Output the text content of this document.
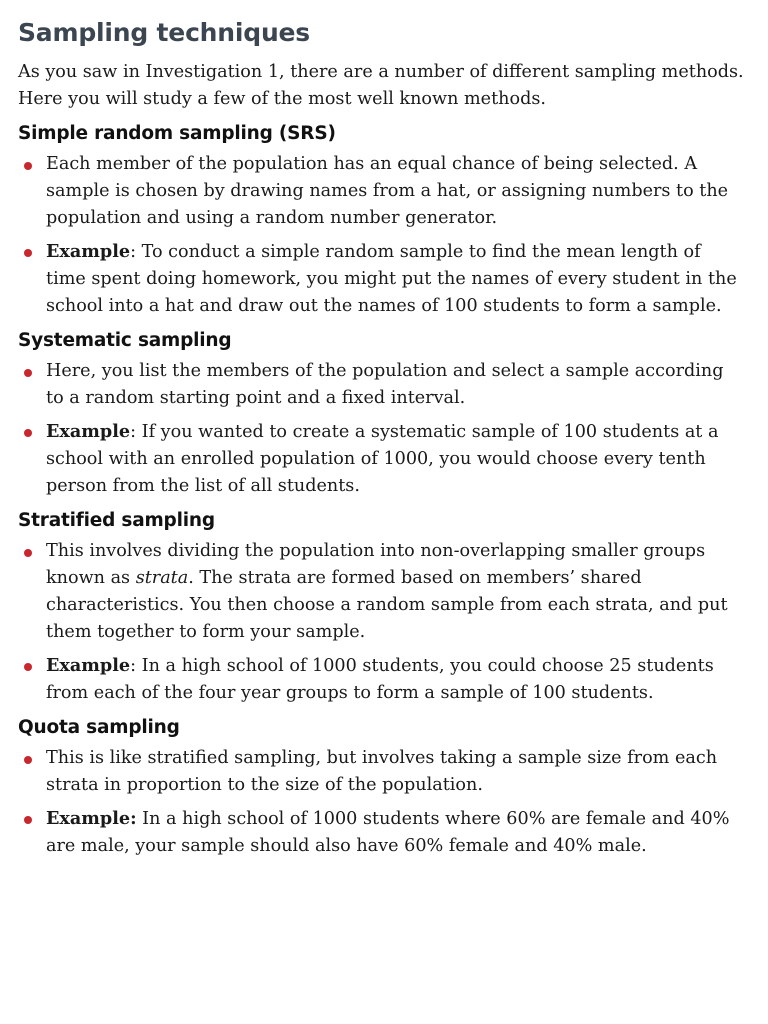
Sampling techniques

As you saw in Investigation 1, there are a number of different sampling methods. Here you will study a few of the most well known methods.

Simple random sampling (SRS)
Each member of the population has an equal chance of being selected. A sample is chosen by drawing names from a hat, or assigning numbers to the population and using a random number generator.
Example: To conduct a simple random sample to find the mean length of time spent doing homework, you might put the names of every student in the school into a hat and draw out the names of 100 students to form a sample.
Systematic sampling
Here, you list the members of the population and select a sample according to a random starting point and a fixed interval.
Example: If you wanted to create a systematic sample of 100 students at a school with an enrolled population of 1000, you would choose every tenth person from the list of all students.
Stratified sampling
This involves dividing the population into non-overlapping smaller groups known as strata. The strata are formed based on members’ shared characteristics. You then choose a random sample from each strata, and put them together to form your sample.
Example: In a high school of 1000 students, you could choose 25 students from each of the four year groups to form a sample of 100 students.
Quota sampling
This is like stratified sampling, but involves taking a sample size from each strata in proportion to the size of the population.
Example: In a high school of 1000 students where 60% are female and 40% are male, your sample should also have 60% female and 40% male.
